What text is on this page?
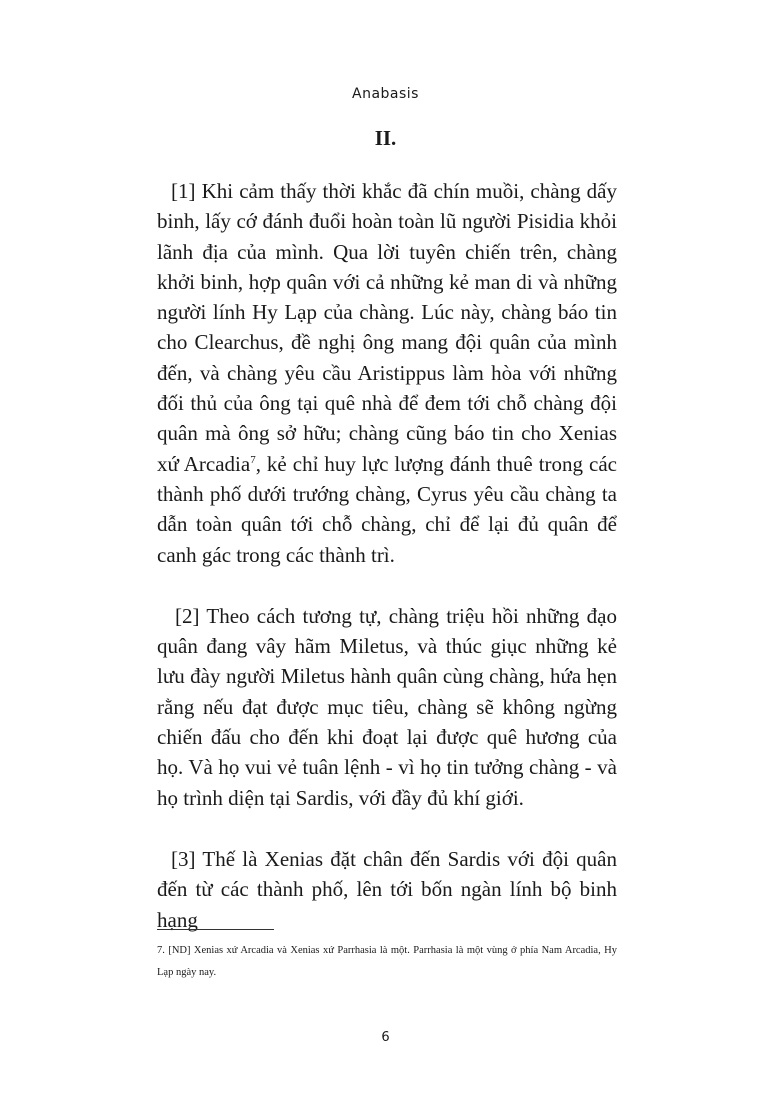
Anabasis
II.

[1] Khi cảm thấy thời khắc đã chín muồi, chàng dấy binh, lấy cớ đánh đuổi hoàn toàn lũ người Pisidia khỏi lãnh địa của mình. Qua lời tuyên chiến trên, chàng khởi binh, hợp quân với cả những kẻ man di và những người lính Hy Lạp của chàng. Lúc này, chàng báo tin cho Clearchus, đề nghị ông mang đội quân của mình đến, và chàng yêu cầu Aristippus làm hòa với những đối thủ của ông tại quê nhà để đem tới chỗ chàng đội quân mà ông sở hữu; chàng cũng báo tin cho Xenias xứ Arcadia$^7$, kẻ chỉ huy lực lượng đánh thuê trong các thành phố dưới trướng chàng, Cyrus yêu cầu chàng ta dẫn toàn quân tới chỗ chàng, chỉ để lại đủ quân để canh gác trong các thành trì.

[2] Theo cách tương tự, chàng triệu hồi những đạo quân đang vây hãm Miletus, và thúc giục những kẻ lưu đày người Miletus hành quân cùng chàng, hứa hẹn rằng nếu đạt được mục tiêu, chàng sẽ không ngừng chiến đấu cho đến khi đoạt lại được quê hương của họ. Và họ vui vẻ tuân lệnh - vì họ tin tưởng chàng - và họ trình diện tại Sardis, với đầy đủ khí giới.

[3] Thế là Xenias đặt chân đến Sardis với đội quân đến từ các thành phố, lên tới bốn ngàn lính bộ binh hạng

7. [ND] Xenias xứ Arcadia và Xenias xứ Parrhasia là một. Parrhasia là một vùng ở phía Nam Arcadia, Hy Lạp ngày nay.
6
